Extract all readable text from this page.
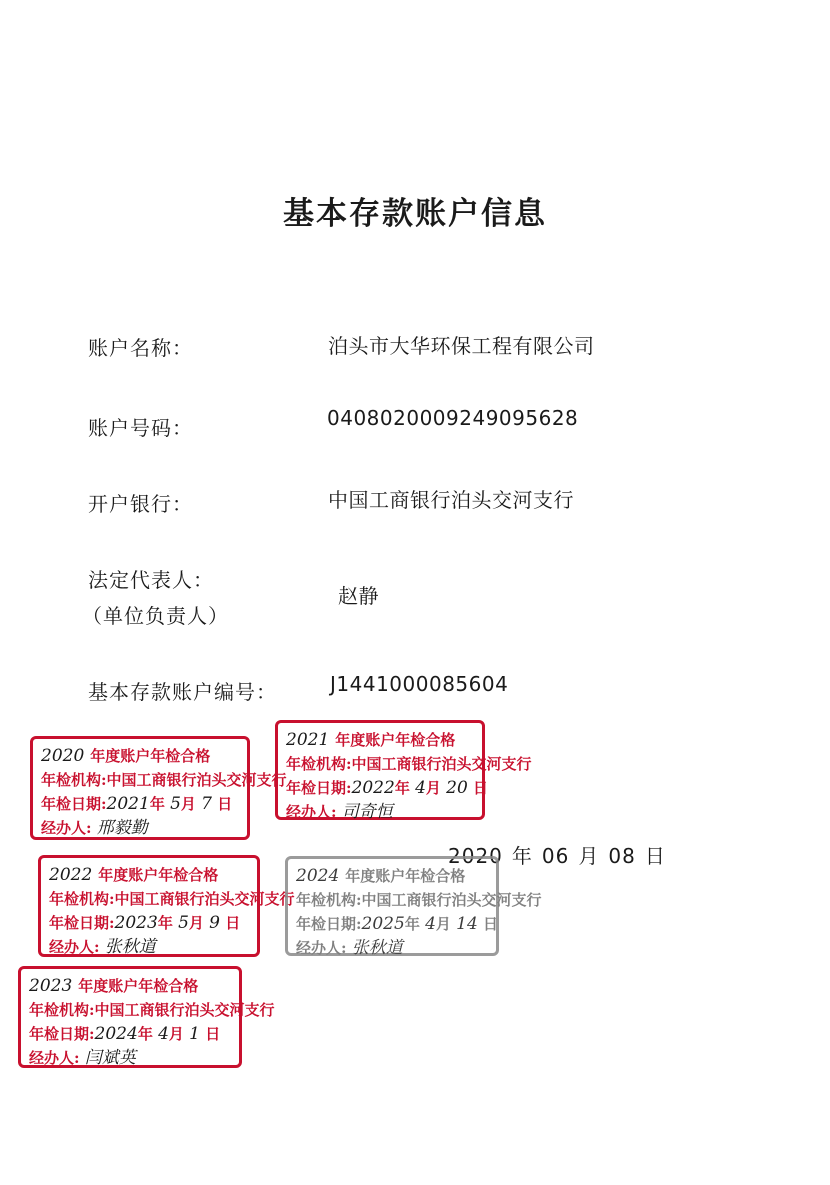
基本存款账户信息
账户名称：	泊头市大华环保工程有限公司
账户号码：	0408020009249095628
开户银行：	中国工商银行泊头交河支行
法定代表人：
（单位负责人）
赵静
基本存款账户编号：	J1441000085604
2020 年 06 月 08 日
2020 年度账户年检合格
年检机构:中国工商银行泊头交河支行
年检日期:2021年 5月 7 日
经办人: 邢毅勤
2021 年度账户年检合格
年检机构:中国工商银行泊头交河支行
年检日期:2022年 4月 20 日
经办人: 司奇恒
2022 年度账户年检合格
年检机构:中国工商银行泊头交河支行
年检日期:2023年 5月 9 日
经办人: 张秋道
2024 年度账户年检合格
年检机构:中国工商银行泊头交河支行
年检日期:2025年 4月 14 日
经办人: 张秋道
2023 年度账户年检合格
年检机构:中国工商银行泊头交河支行
年检日期:2024年 4月 1 日
经办人: 闫斌英
